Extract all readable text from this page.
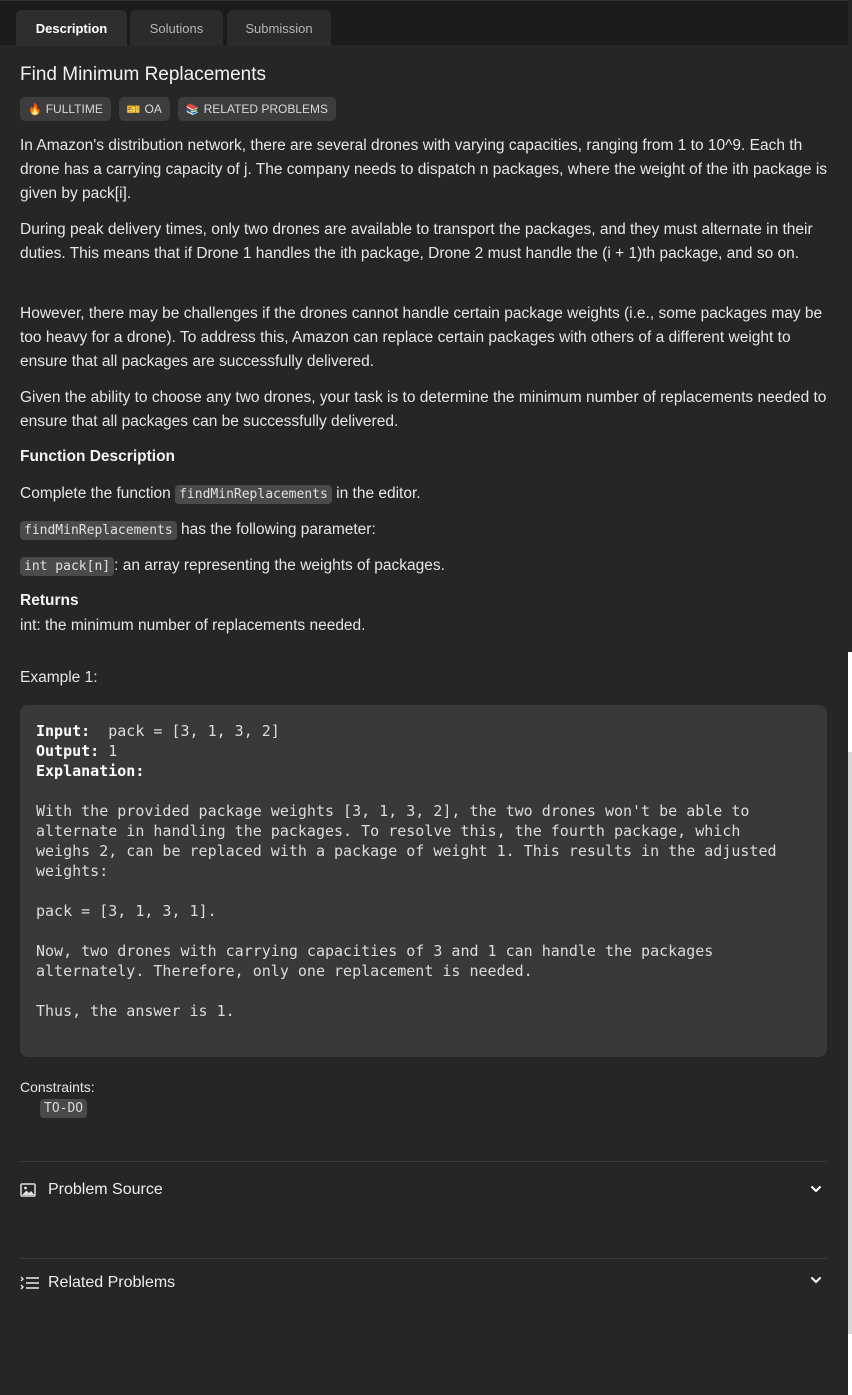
Description	Solutions	Submission
Find Minimum Replacements
🔥 FULLTIME 🎫 OA 📚 RELATED PROBLEMS

In Amazon's distribution network, there are several drones with varying capacities, ranging from 1 to 10^9. Each th drone has a carrying capacity of j. The company needs to dispatch n packages, where the weight of the ith package is given by pack[i].

During peak delivery times, only two drones are available to transport the packages, and they must alternate in their duties. This means that if Drone 1 handles the ith package, Drone 2 must handle the (i + 1)th package, and so on.

However, there may be challenges if the drones cannot handle certain package weights (i.e., some packages may be too heavy for a drone). To address this, Amazon can replace certain packages with others of a different weight to ensure that all packages are successfully delivered.

Given the ability to choose any two drones, your task is to determine the minimum number of replacements needed to ensure that all packages can be successfully delivered.

Function Description
Complete the function findMinReplacements in the editor.
findMinReplacements has the following parameter:
int pack[n] : an array representing the weights of packages.
Returns
int: the minimum number of replacements needed.
Example 1:
Input:  pack = [3, 1, 3, 2]
Output: 1
Explanation:

With the provided package weights [3, 1, 3, 2], the two drones won't be able to
alternate in handling the packages. To resolve this, the fourth package, which
weighs 2, can be replaced with a package of weight 1. This results in the adjusted
weights:

pack = [3, 1, 3, 1].

Now, two drones with carrying capacities of 3 and 1 can handle the packages
alternately. Therefore, only one replacement is needed.

Thus, the answer is 1.
Constraints:
TO-DO
Problem Source
Related Problems
